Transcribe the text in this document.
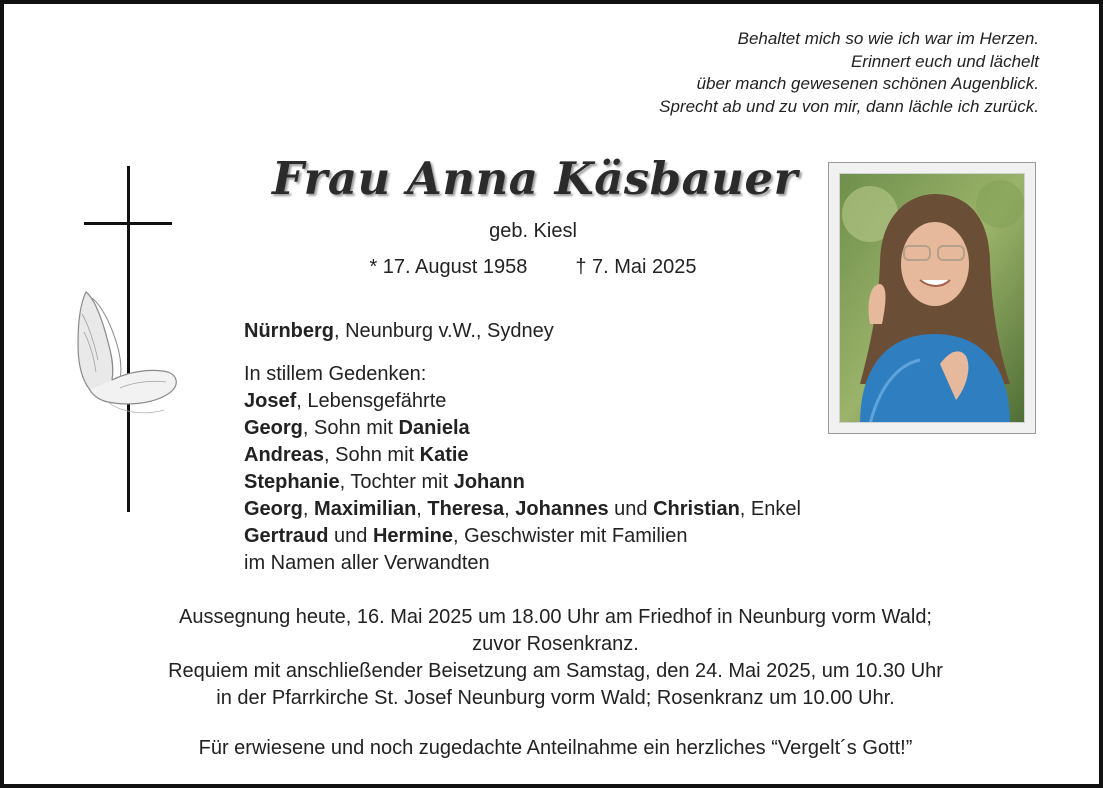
Behaltet mich so wie ich war im Herzen.
Erinnert euch und lächelt
über manch gewesenen schönen Augenblick.
Sprecht ab und zu von mir, dann lächle ich zurück.
Frau Anna Käsbauer
geb. Kiesl
* 17. August 1958 † 7. Mai 2025
Nürnberg, Neunburg v.W., Sydney
In stillem Gedenken:
Josef, Lebensgefährte
Georg, Sohn mit Daniela
Andreas, Sohn mit Katie
Stephanie, Tochter mit Johann
Georg, Maximilian, Theresa, Johannes und Christian, Enkel
Gertraud und Hermine, Geschwister mit Familien
im Namen aller Verwandten
Aussegnung heute, 16. Mai 2025 um 18.00 Uhr am Friedhof in Neunburg vorm Wald;
zuvor Rosenkranz.
Requiem mit anschließender Beisetzung am Samstag, den 24. Mai 2025, um 10.30 Uhr
in der Pfarrkirche St. Josef Neunburg vorm Wald; Rosenkranz um 10.00 Uhr.
Für erwiesene und noch zugedachte Anteilnahme ein herzliches “Vergelt´s Gott!”
